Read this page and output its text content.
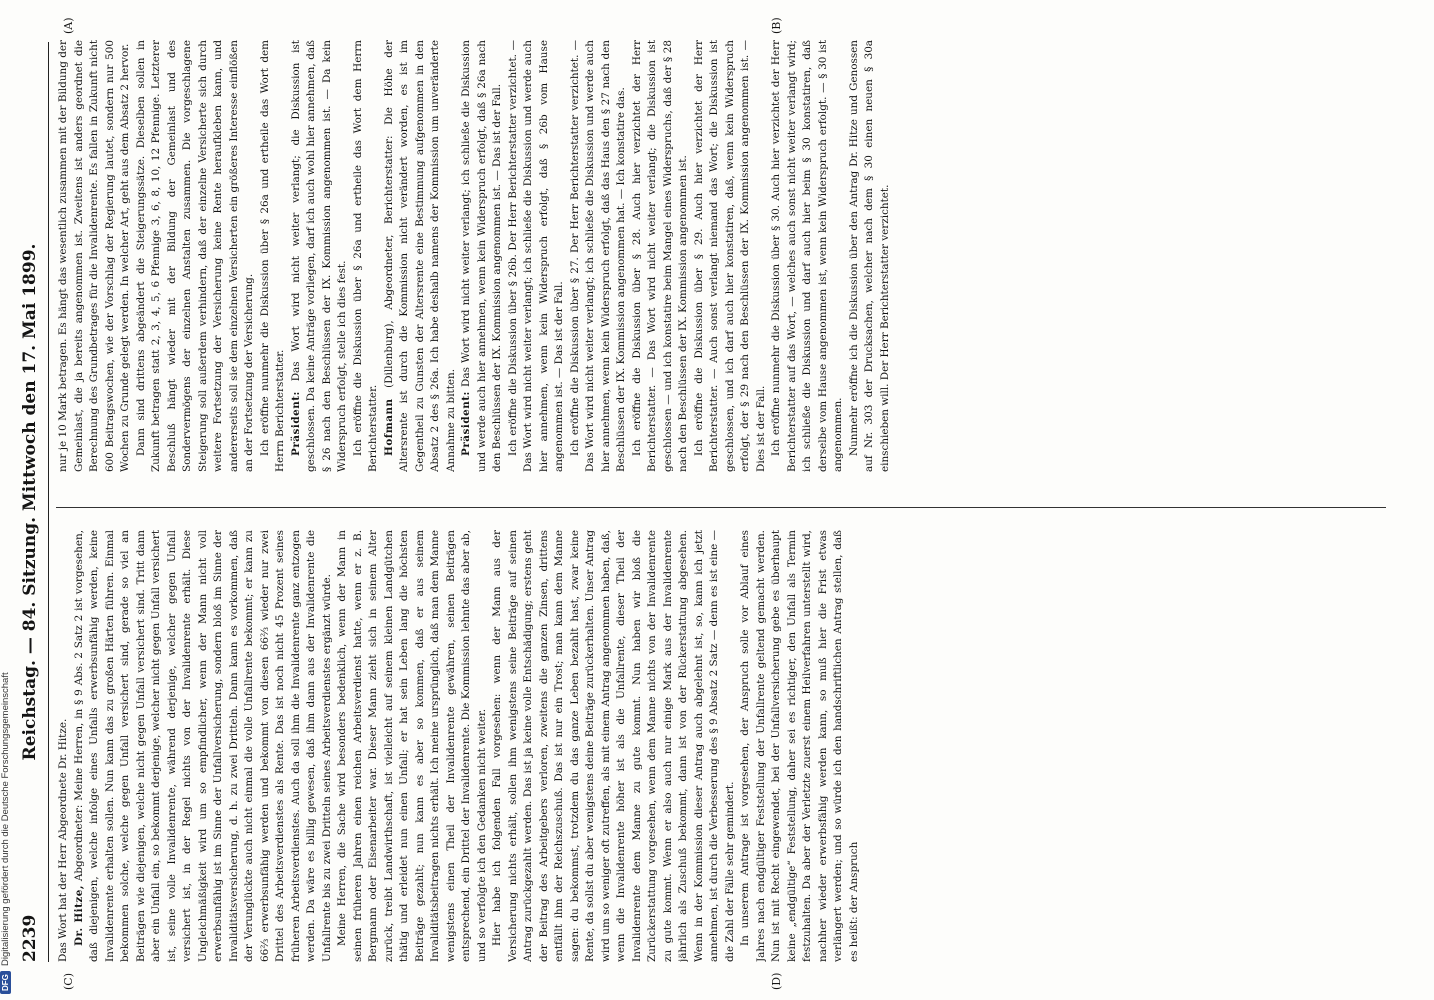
DFG
Digitalisierung gefördert durch die Deutsche Forschungsgemeinschaft 2239
Reichstag. — 84. Sitzung. Mittwoch den 17. Mai 1899.
(C)	(D)
(A)	(B)

Das Wort hat der Herr Abgeordnete Dr. Hitze. Dr. Hitze, Abgeordneter: Meine Herren, in § 9 Abs. 2 Satz 2 ist vorgesehen, daß diejenigen, welche infolge eines Unfalls erwerbsunfähig werden, keine Invalidenrente erhalten sollen. Nun kann das zu großen Härten führen. Einmal bekommen solche, welche gegen Unfall versichert sind, gerade so viel an Beiträgen wie diejenigen, welche nicht gegen Unfall versichert sind. Tritt dann aber ein Unfall ein, so bekommt derjenige, welcher nicht gegen Unfall versichert ist, seine volle Invalidenrente, während derjenige, welcher gegen Unfall versichert ist, in der Regel nichts von der Invalidenrente erhält. Diese Ungleichmäßigkeit wird um so empfindlicher, wenn der Mann nicht voll erwerbsunfähig ist im Sinne der Unfallversicherung, sondern bloß im Sinne der Invaliditätsversicherung, d. h. zu zwei Dritteln. Dann kann es vorkommen, daß der Verunglückte auch nicht einmal die volle Unfallrente bekommt; er kann zu 66⅔ erwerbsunfähig werden und bekommt von diesen 66⅔ wieder nur zwei Drittel des Arbeitsverdienstes als Rente. Das ist noch nicht 45 Prozent seines früheren Arbeitsverdienstes. Auch da soll ihm die Invalidenrente ganz entzogen werden. Da wäre es billig gewesen, daß ihm dann aus der Invalidenrente die Unfallrente bis zu zwei Dritteln seines Arbeitsverdienstes ergänzt würde. Meine Herren, die Sache wird besonders bedenklich, wenn der Mann in seinen früheren Jahren einen reichen Arbeitsverdienst hatte, wenn er z. B. Bergmann oder Eisenarbeiter war. Dieser Mann zieht sich in seinem Alter zurück, treibt Landwirthschaft, ist vielleicht auf seinem kleinen Landgütchen thätig und erleidet nun einen Unfall; er hat sein Leben lang die höchsten Beiträge gezahlt; nun kann es aber so kommen, daß er aus seinem Invaliditätsbeitragen nichts erhält. Ich meine ursprünglich, daß man dem Manne wenigstens einen Theil der Invalidenrente gewähren, seinen Beiträgen entsprechend, ein Drittel der Invalidenrente. Die Kommission lehnte das aber ab, und so verfolgte ich den Gedanken nicht weiter. Hier habe ich folgenden Fall vorgesehen: wenn der Mann aus der Versicherung nichts erhält, sollen ihm wenigstens seine Beiträge auf seinen Antrag zurückgezahlt werden. Das ist ja keine volle Entschädigung; erstens geht der Beitrag des Arbeitgebers verloren, zweitens die ganzen Zinsen, drittens entfällt ihm der Reichszuschuß. Das ist nur ein Trost; man kann dem Manne sagen: du bekommst, trotzdem du das ganze Leben bezahlt hast, zwar keine Rente, da sollst du aber wenigstens deine Beiträge zurückerhalten. Unser Antrag wird um so weniger oft zutreffen, als mit einem Antrag angenommen haben, daß, wenn die Invalidenrente höher ist als die Unfallrente, dieser Theil der Invalidenrente dem Manne zu gute kommt. Nun haben wir bloß die Zurückerstattung vorgesehen, wenn dem Manne nichts von der Invalidenrente zu gute kommt. Wenn er also auch nur einige Mark aus der Invalidenrente jährlich als Zuschuß bekommt, dann ist von der Rückerstattung abgesehen. Wenn in der Kommission dieser Antrag auch abgelehnt ist, so, kann ich jetzt annehmen, ist durch die Verbesserung des § 9 Absatz 2 Satz — denn es ist eine — die Zahl der Fälle sehr gemindert. In unserem Antrage ist vorgesehen, der Anspruch solle vor Ablauf eines Jahres nach endgültiger Feststellung der Unfallrente geltend gemacht werden. Nun ist mit Recht eingewendet, bei der Unfallversicherung gebe es überhaupt keine „endgültige“ Feststellung, daher sei es richtiger, den Unfall als Termin festzuhalten. Da aber der Verletzte zuerst einem Heilverfahren unterstellt wird, nachher wieder erwerbsfähig werden kann, so muß hier die Frist etwas verlängert werden; und so würde ich den handschriftlichen Antrag stellen, daß es heißt: der Anspruch

nur je 10 Mark betragen. Es hängt das wesentlich zusammen mit der Bildung der Gemeinlast, die ja bereits angenommen ist. Zweitens ist anders geordnet die Berechnung des Grundbetrages für die Invalidenrente. Es fallen in Zukunft nicht 600 Beitragswochen, wie der Vorschlag der Regierung lautet, sondern nur 500 Wochen zu Grunde gelegt werden. In welcher Art, geht aus dem Absatz 2 hervor. Dann sind drittens abgeändert die Steigerungssätze. Dieselben sollen in Zukunft betragen statt 2, 3, 4, 5, 6 Pfennige 3, 6, 8, 10, 12 Pfennige. Letzterer Beschluß hängt wieder mit der Bildung der Gemeinlast und des Sondervermögens der einzelnen Anstalten zusammen. Die vorgeschlagene Steigerung soll außerdem verhindern, daß der einzelne Versicherte sich durch weitere Fortsetzung der Versicherung keine Rente heraufkleben kann, und andererseits soll sie dem einzelnen Versicherten ein größeres Interesse einflößen an der Fortsetzung der Versicherung. Ich eröffne nunmehr die Diskussion über § 26a und ertheile das Wort dem Herrn Berichterstatter. Präsident: Das Wort wird nicht weiter verlangt; die Diskussion ist geschlossen. Da keine Anträge vorliegen, darf ich auch wohl hier annehmen, daß § 26 nach den Beschlüssen der IX. Kommission angenommen ist. — Da kein Widerspruch erfolgt, stelle ich dies fest. Ich eröffne die Diskussion über § 26a und ertheile das Wort dem Herrn Berichterstatter. Hofmann (Dillenburg), Abgeordneter, Berichterstatter: Die Höhe der Altersrente ist durch die Kommission nicht verändert worden, es ist im Gegentheil zu Gunsten der Altersrente eine Bestimmung aufgenommen in den Absatz 2 des § 26a. Ich habe deshalb namens der Kommission um unveränderte Annahme zu bitten. Präsident: Das Wort wird nicht weiter verlangt; ich schließe die Diskussion und werde auch hier annehmen, wenn kein Widerspruch erfolgt, daß § 26a nach den Beschlüssen der IX. Kommission angenommen ist. — Das ist der Fall. Ich eröffne die Diskussion über § 26b. Der Herr Berichterstatter verzichtet. — Das Wort wird nicht weiter verlangt; ich schließe die Diskussion und werde auch hier annehmen, wenn kein Widerspruch erfolgt, daß § 26b vom Hause angenommen ist. — Das ist der Fall. Ich eröffne die Diskussion über § 27. Der Herr Berichterstatter verzichtet. — Das Wort wird nicht weiter verlangt; ich schließe die Diskussion und werde auch hier annehmen, wenn kein Widerspruch erfolgt, daß das Haus den § 27 nach den Beschlüssen der IX. Kommission angenommen hat. — Ich konstatire das. Ich eröffne die Diskussion über § 28. Auch hier verzichtet der Herr Berichterstatter. — Das Wort wird nicht weiter verlangt; die Diskussion ist geschlossen — und ich konstatire beim Mangel eines Widerspruchs, daß der § 28 nach den Beschlüssen der IX. Kommission angenommen ist. Ich eröffne die Diskussion über § 29. Auch hier verzichtet der Herr Berichterstatter. — Auch sonst verlangt niemand das Wort; die Diskussion ist geschlossen, und ich darf auch hier konstatiren, daß, wenn kein Widerspruch erfolgt, der § 29 nach den Beschlüssen der IX. Kommission angenommen ist. — Dies ist der Fall. Ich eröffne nunmehr die Diskussion über § 30. Auch hier verzichtet der Herr Berichterstatter auf das Wort, — welches auch sonst nicht weiter verlangt wird; ich schließe die Diskussion und darf auch hier beim § 30 konstatiren, daß derselbe vom Hause angenommen ist, wenn kein Widerspruch erfolgt. — § 30 ist angenommen. Nunmehr eröffne ich die Diskussion über den Antrag Dr. Hitze und Genossen auf Nr. 303 der Drucksachen, welcher nach dem § 30 einen neuen § 30a einschieben will. Der Herr Berichterstatter verzichtet.
